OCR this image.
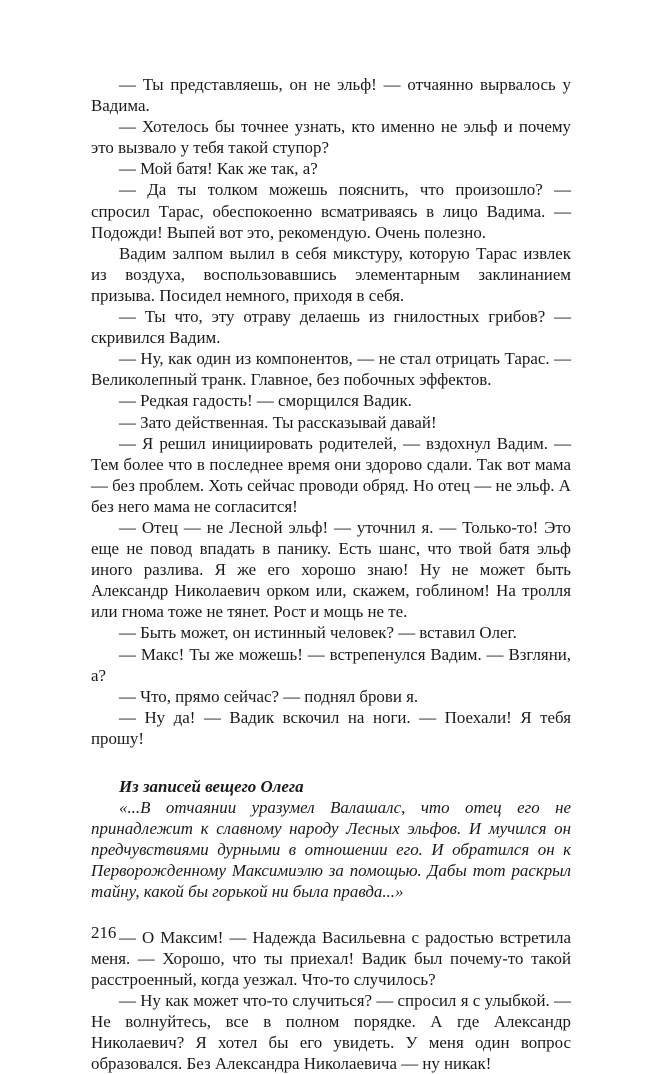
— Ты представляешь, он не эльф! — отчаянно вырвалось у Вадима.

— Хотелось бы точнее узнать, кто именно не эльф и почему это вызвало у тебя такой ступор?

— Мой батя! Как же так, а?

— Да ты толком можешь пояснить, что произошло? — спросил Тарас, обеспокоенно всматриваясь в лицо Вадима. — Подожди! Выпей вот это, рекомендую. Очень полезно.

Вадим залпом вылил в себя микстуру, которую Тарас извлек из воздуха, воспользовавшись элементарным заклинанием призыва. Посидел немного, приходя в себя.

— Ты что, эту отраву делаешь из гнилостных грибов? — скривился Вадим.

— Ну, как один из компонентов, — не стал отрицать Тарас. — Великолепный транк. Главное, без побочных эффектов.

— Редкая гадость! — сморщился Вадик.

— Зато действенная. Ты рассказывай давай!

— Я решил инициировать родителей, — вздохнул Вадим. — Тем более что в последнее время они здорово сдали. Так вот мама — без проблем. Хоть сейчас проводи обряд. Но отец — не эльф. А без него мама не согласится!

— Отец — не Лесной эльф! — уточнил я. — Только-то! Это еще не повод впадать в панику. Есть шанс, что твой батя эльф иного разлива. Я же его хорошо знаю! Ну не может быть Александр Николаевич орком или, скажем, гоблином! На тролля или гнома тоже не тянет. Рост и мощь не те.

— Быть может, он истинный человек? — вставил Олег.

— Макс! Ты же можешь! — встрепенулся Вадим. — Взгляни, а?

— Что, прямо сейчас? — поднял брови я.

— Ну да! — Вадик вскочил на ноги. — Поехали! Я тебя прошу!

Из записей вещего Олега

«...В отчаянии уразумел Валашалс, что отец его не принадлежит к славному народу Лесных эльфов. И мучился он предчувствиями дурными в отношении его. И обратился он к Перворожденному Максимиэлю за помощью. Дабы тот раскрыл тайну, какой бы горькой ни была правда...»

— О Максим! — Надежда Васильевна с радостью встретила меня. — Хорошо, что ты приехал! Вадик был почему-то такой расстроенный, когда уезжал. Что-то случилось?

— Ну как может что-то случиться? — спросил я с улыбкой. — Не волнуйтесь, все в полном порядке. А где Александр Николаевич? Я хотел бы его увидеть. У меня один вопрос образовался. Без Александра Николаевича — ну никак!

216
